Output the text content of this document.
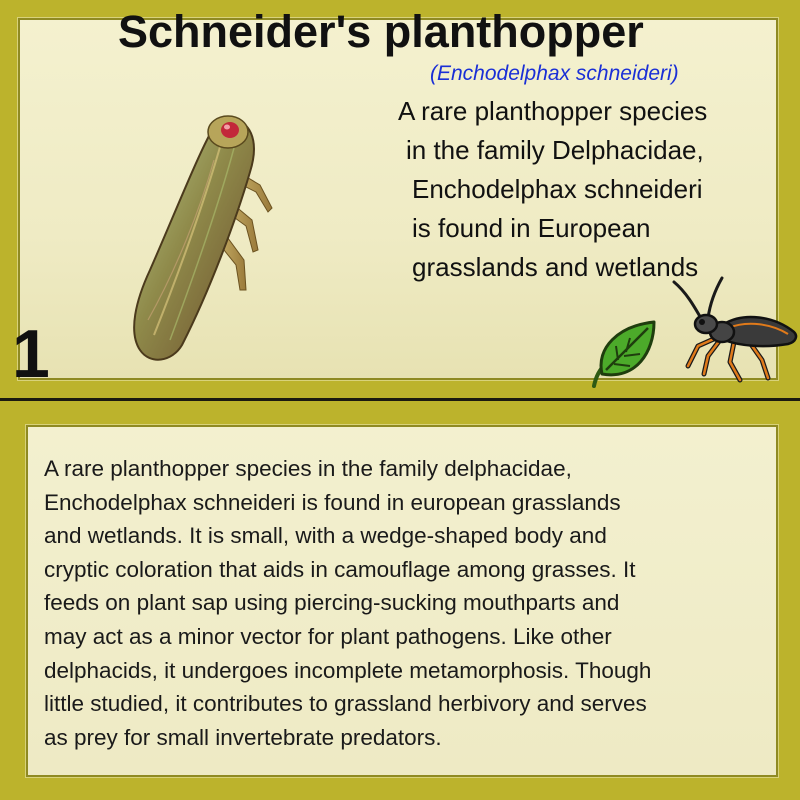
Schneider's planthopper
(Enchodelphax schneideri)
A rare planthopper species
in the family Delphacidae,
Enchodelphax schneideri
is found in European
grasslands and wetlands
1
A rare planthopper species in the family delphacidae,
Enchodelphax schneideri is found in european grasslands
and wetlands. It is small, with a wedge-shaped body and
cryptic coloration that aids in camouflage among grasses. It
feeds on plant sap using piercing-sucking mouthparts and
may act as a minor vector for plant pathogens. Like other
delphacids, it undergoes incomplete metamorphosis. Though
little studied, it contributes to grassland herbivory and serves
as prey for small invertebrate predators.
